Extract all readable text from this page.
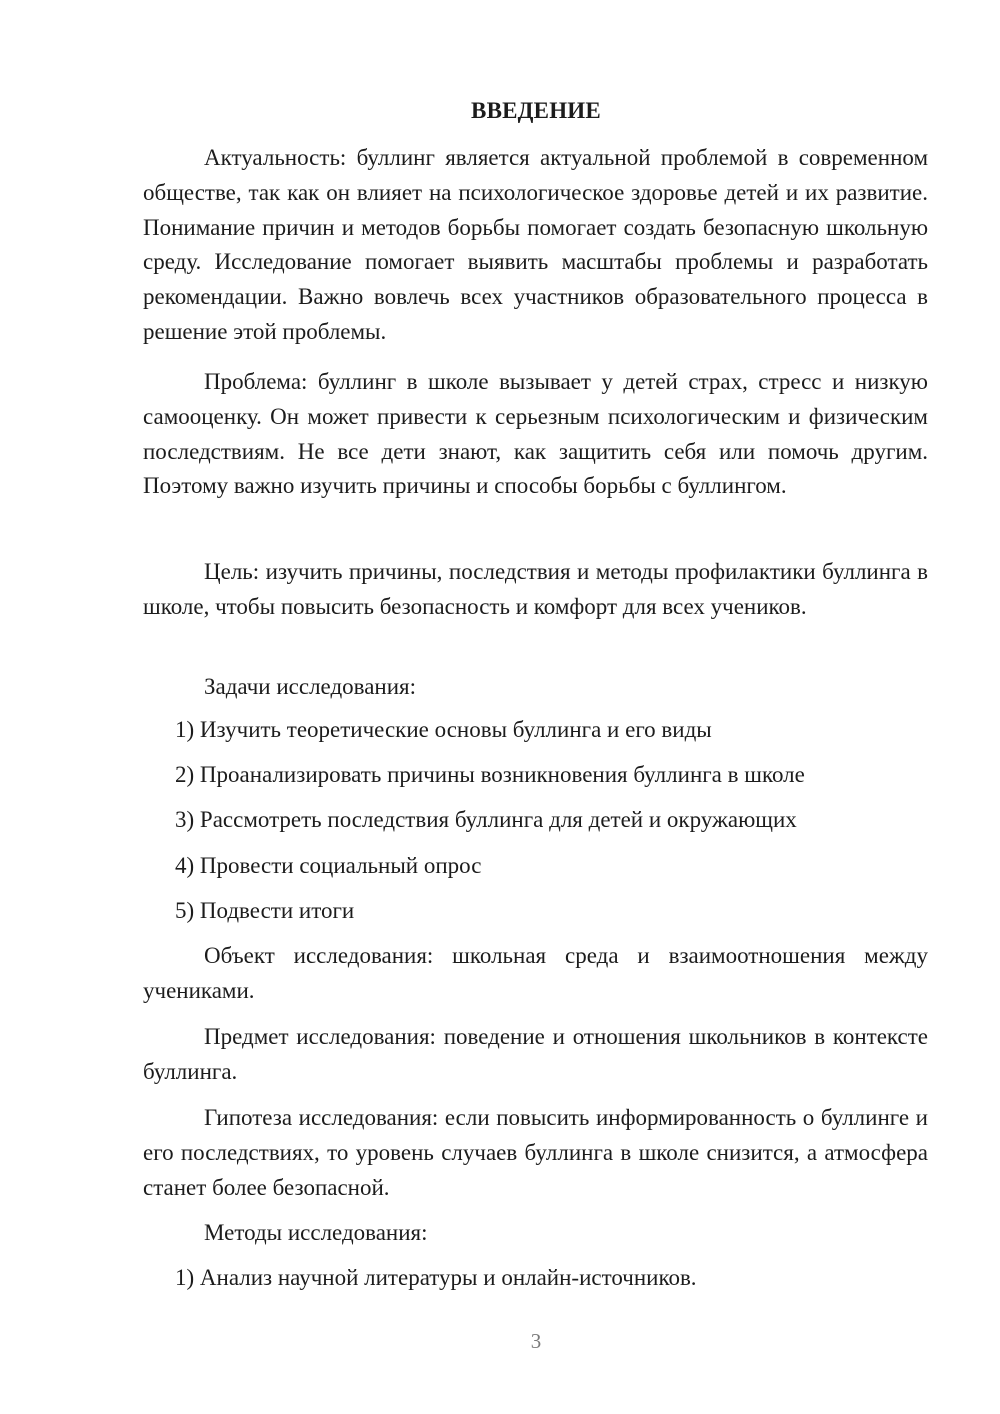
ВВЕДЕНИЕ

Актуальность: буллинг является актуальной проблемой в современном обществе, так как он влияет на психологическое здоровье детей и их развитие. Понимание причин и методов борьбы помогает создать безопасную школьную среду. Исследование помогает выявить масштабы проблемы и разработать рекомендации. Важно вовлечь всех участников образовательного процесса в решение этой проблемы.

Проблема: буллинг в школе вызывает у детей страх, стресс и низкую самооценку. Он может привести к серьезным психологическим и физическим последствиям. Не все дети знают, как защитить себя или помочь другим. Поэтому важно изучить причины и способы борьбы с буллингом.

Цель: изучить причины, последствия и методы профилактики буллинга в школе, чтобы повысить безопасность и комфорт для всех учеников.

Задачи исследования:

1) Изучить теоретические основы буллинга и его виды

2) Проанализировать причины возникновения буллинга в школе

3) Рассмотреть последствия буллинга для детей и окружающих

4) Провести социальный опрос

5) Подвести итоги

Объект исследования: школьная среда и взаимоотношения между учениками.

Предмет исследования: поведение и отношения школьников в контексте буллинга.

Гипотеза исследования: если повысить информированность о буллинге и его последствиях, то уровень случаев буллинга в школе снизится, а атмосфера станет более безопасной.

Методы исследования:

1) Анализ научной литературы и онлайн-источников.

3
